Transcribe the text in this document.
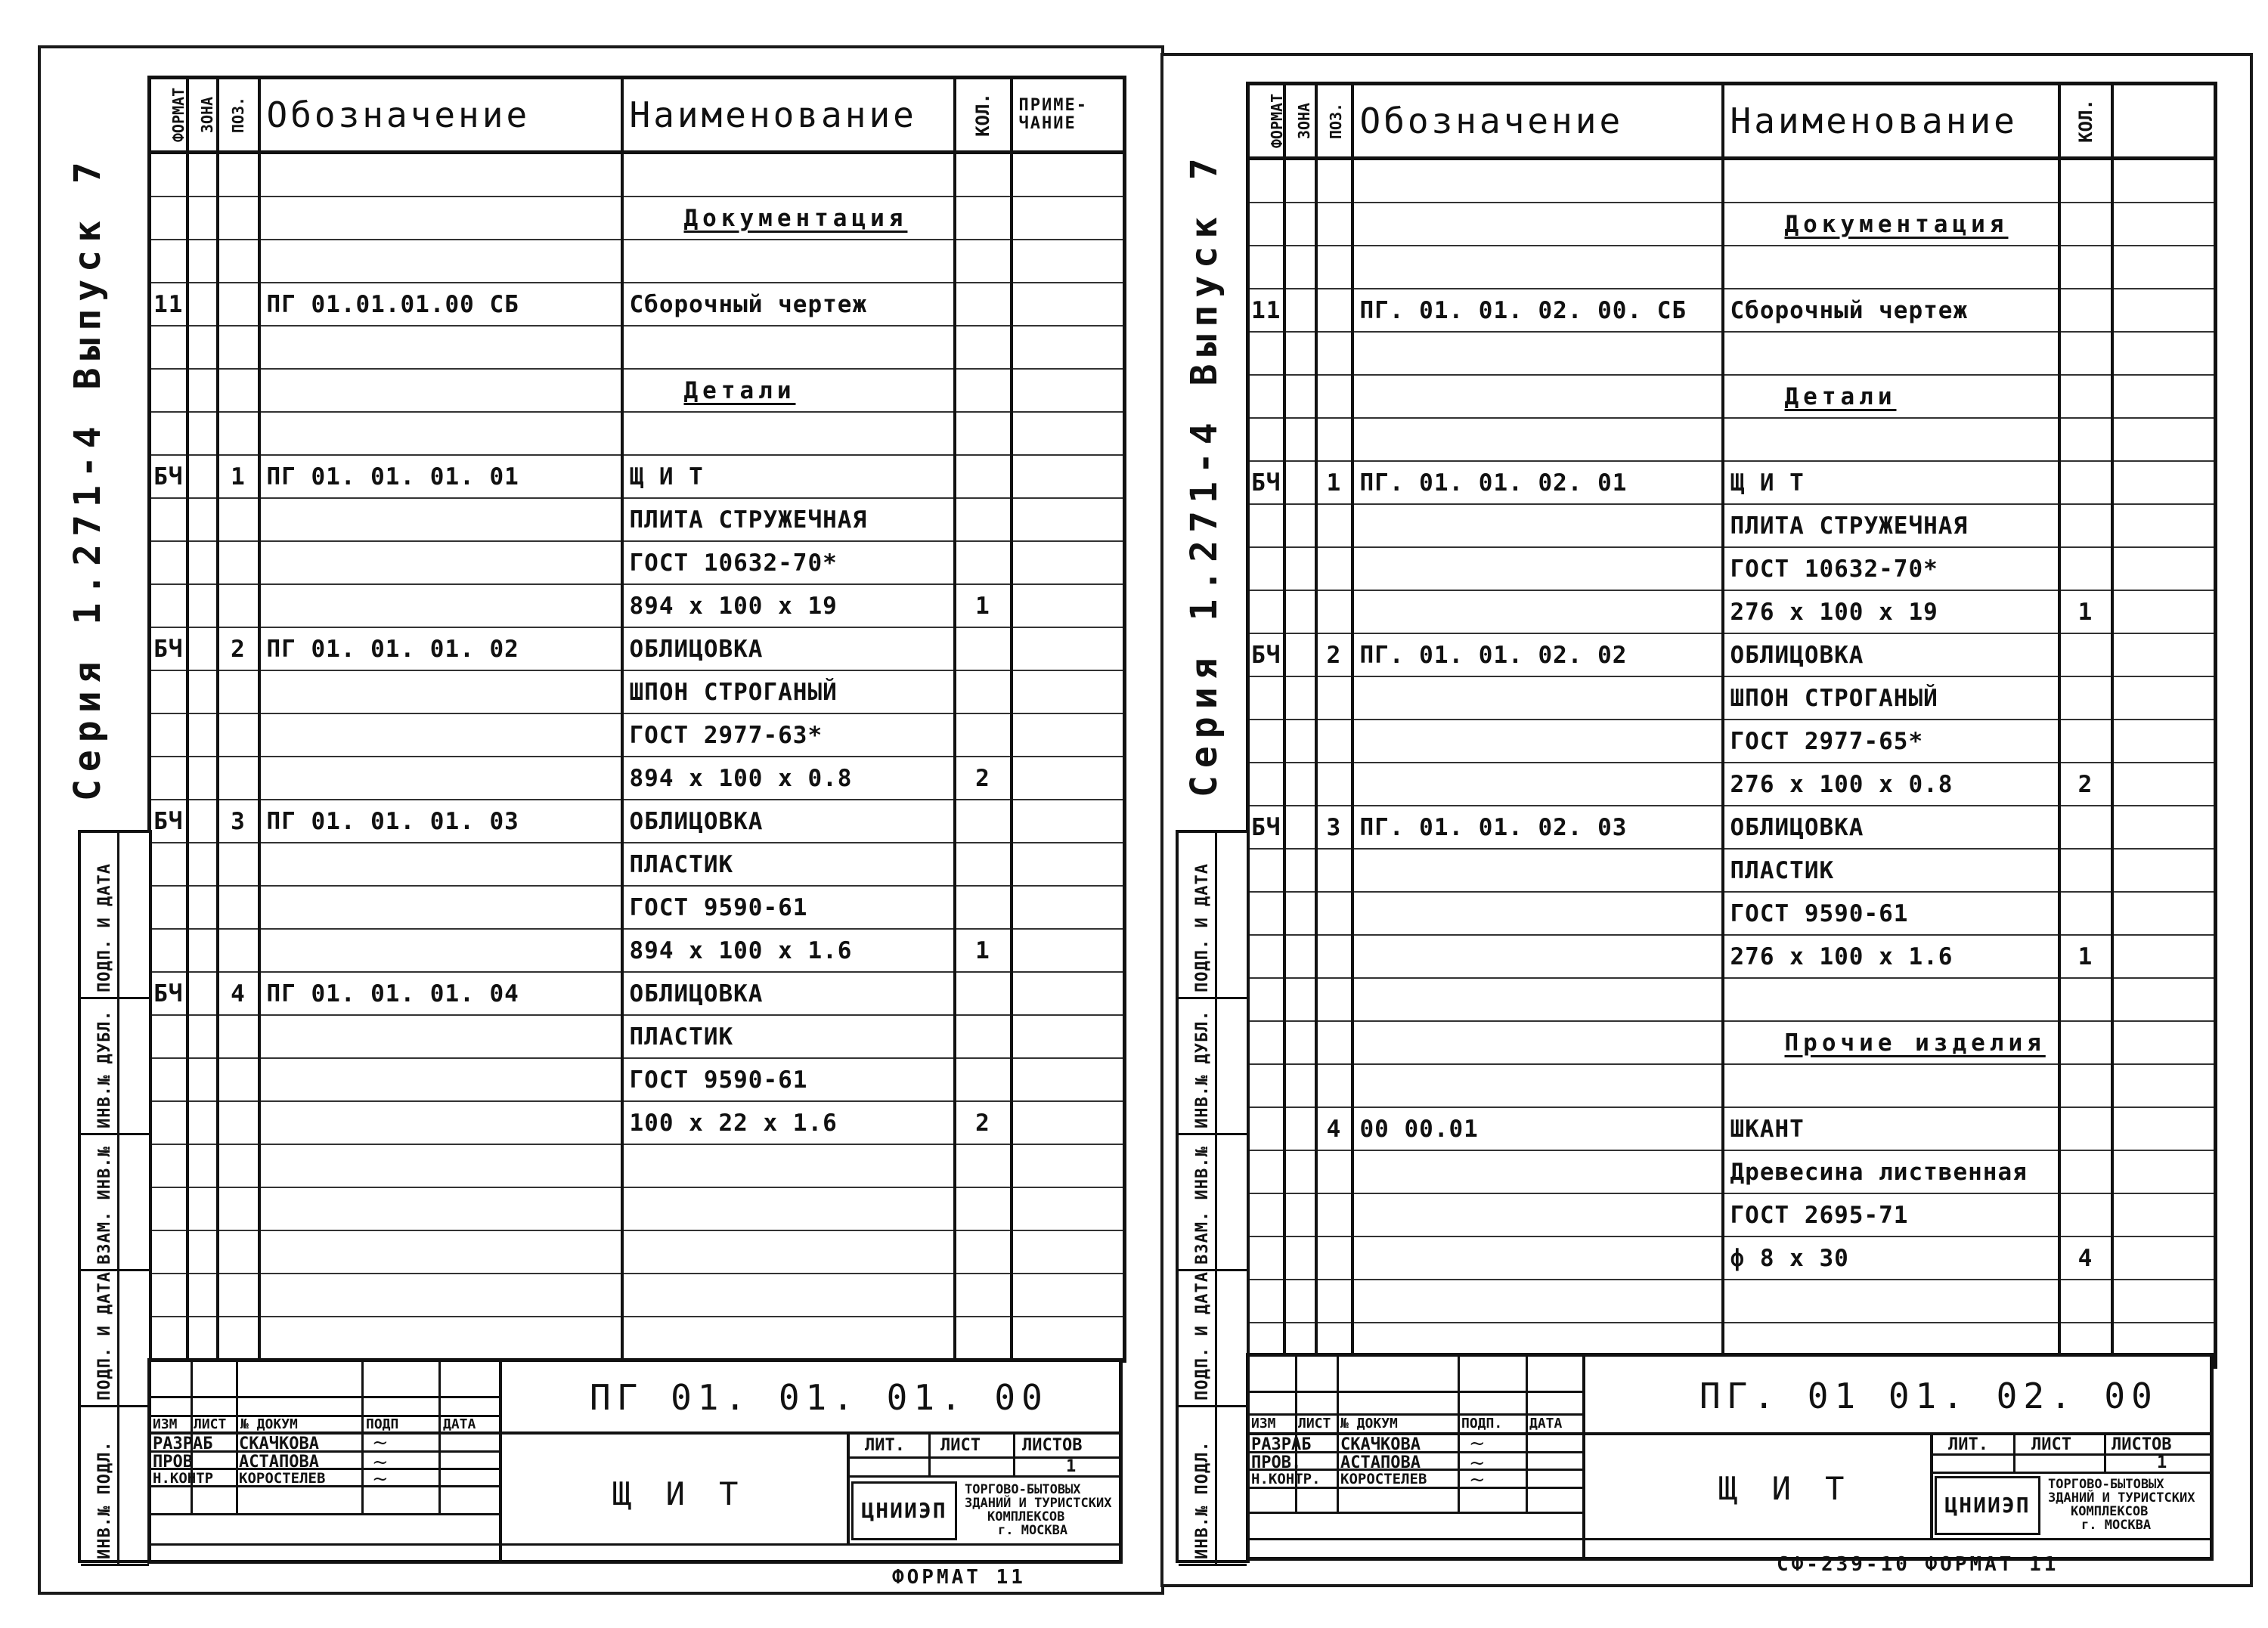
Серия 1.271-4 Выпуск 7
ФОРМАТ	ЗОНА	ПОЗ.	Обозначение	Наименование	КОЛ.	ПРИМЕ-
ЧАНИЕ

				Документация		

11			ПГ 01.01.01.00 СБ	Сборочный чертеж		

				Детали		

БЧ		1	ПГ 01. 01. 01. 01	Щ И Т		
				ПЛИТА СТРУЖЕЧНАЯ		
				ГОСТ 10632-70*		
				894 х 100 х 19	1	
БЧ		2	ПГ 01. 01. 01. 02	ОБЛИЦОВКА		
				ШПОН СТРОГАНЫЙ		
				ГОСТ 2977-63*		
				894 х 100 х 0.8	2	
БЧ		3	ПГ 01. 01. 01. 03	ОБЛИЦОВКА		
				ПЛАСТИК		
				ГОСТ 9590-61		
				894 х 100 х 1.6	1	
БЧ		4	ПГ 01. 01. 01. 04	ОБЛИЦОВКА		
				ПЛАСТИК		
				ГОСТ 9590-61		
				100 х 22 х 1.6	2	

ПОДП. И ДАТА
ИНВ.№ ДУБЛ.
ВЗАМ. ИНВ.№
ПОДП. И ДАТА
ИНВ.№ ПОДЛ.
ИЗМ ЛИСТ № ДОКУМ	ПОДП	ДАТА
РАЗРАБ СКАЧКОВА
ПРОВ	АСТАПОВА
Н.КОНТР КОРОСТЕЛЕВ
~
~
~
ПГ 01. 01. 01. 00
Щ И Т
ЛИТ. ЛИСТ	ЛИСТОВ
1
ЦНИИЭП
ТОРГОВО-БЫТОВЫХ
ЗДАНИЙ И ТУРИСТСКИХ
КОМПЛЕКСОВ
г. МОСКВА
ФОРМАТ 11
Серия 1.271-4 Выпуск 7
ФОРМАТ	ЗОНА	ПОЗ.	Обозначение	Наименование	КОЛ.	

				Документация		

11			ПГ. 01. 01. 02. 00. СБ	Сборочный чертеж		

				Детали		

БЧ		1	ПГ. 01. 01. 02. 01	Щ И Т		
				ПЛИТА СТРУЖЕЧНАЯ		
				ГОСТ 10632-70*		
				276 х 100 х 19	1	
БЧ		2	ПГ. 01. 01. 02. 02	ОБЛИЦОВКА		
				ШПОН СТРОГАНЫЙ		
				ГОСТ 2977-65*		
				276 х 100 х 0.8	2	
БЧ		3	ПГ. 01. 01. 02. 03	ОБЛИЦОВКА		
				ПЛАСТИК		
				ГОСТ 9590-61		
				276 х 100 х 1.6	1	

				Прочие изделия		

		4	00 00.01	ШКАНТ		
				Древесина лиственная		
				ГОСТ 2695-71		
				ф 8 х 30	4	

ПОДП. И ДАТА
ИНВ.№ ДУБЛ.
ВЗАМ. ИНВ.№
ПОДП. И ДАТА
ИНВ.№ ПОДЛ.
ИЗМ ЛИСТ № ДОКУМ	ПОДП. ДАТА
РАЗРАБ СКАЧКОВА
ПРОВ. АСТАПОВА
Н.КОНТР. КОРОСТЕЛЕВ
~
~
~
ПГ. 01 01. 02. 00
Щ И Т
ЛИТ.	ЛИСТ ЛИСТОВ
1
ЦНИИЭП
ТОРГОВО-БЫТОВЫХ
ЗДАНИЙ И ТУРИСТСКИХ
КОМПЛЕКСОВ
г. МОСКВА
СФ-239-10 ФОРМАТ 11
